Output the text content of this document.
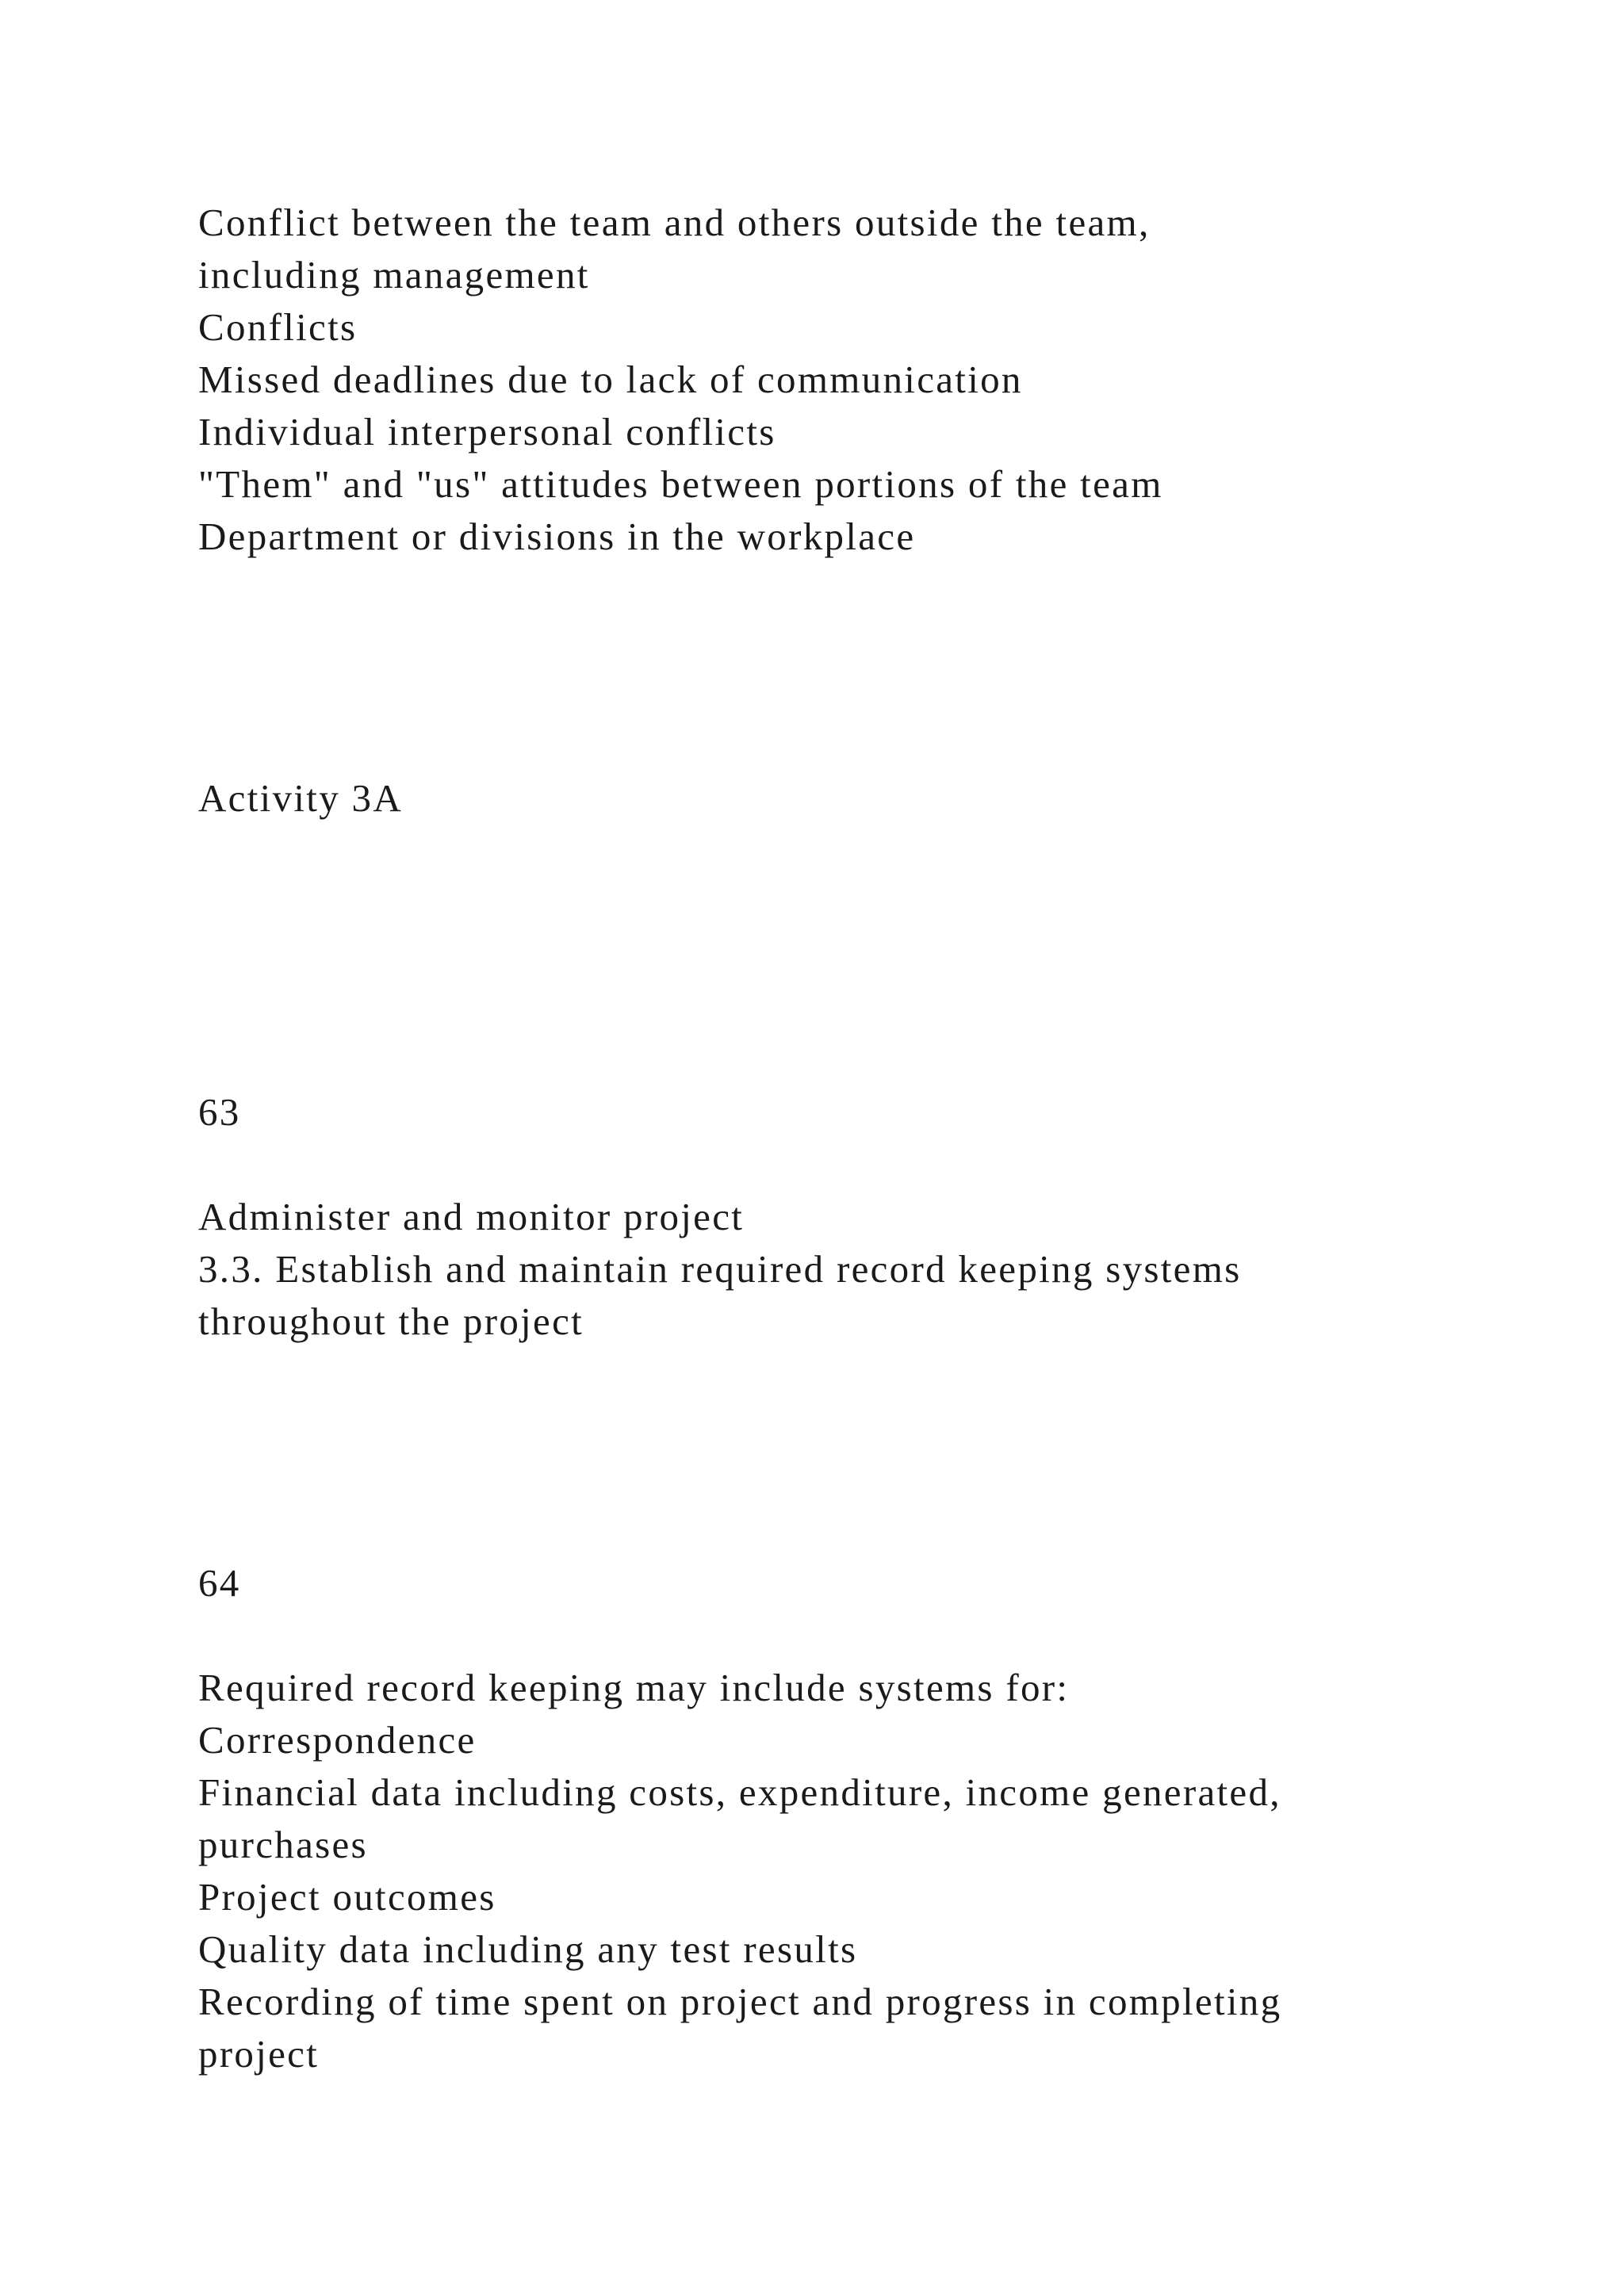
Conflict between the team and others outside the team,

including management

Conflicts

Missed deadlines due to lack of communication

Individual interpersonal conflicts

"Them" and "us" attitudes between portions of the team

Department or divisions in the workplace

Activity 3A

63

Administer and monitor project

3.3. Establish and maintain required record keeping systems

throughout the project

64

Required record keeping may include systems for:

Correspondence

Financial data including costs, expenditure, income generated,

purchases

Project outcomes

Quality data including any test results

Recording of time spent on project and progress in completing

project
